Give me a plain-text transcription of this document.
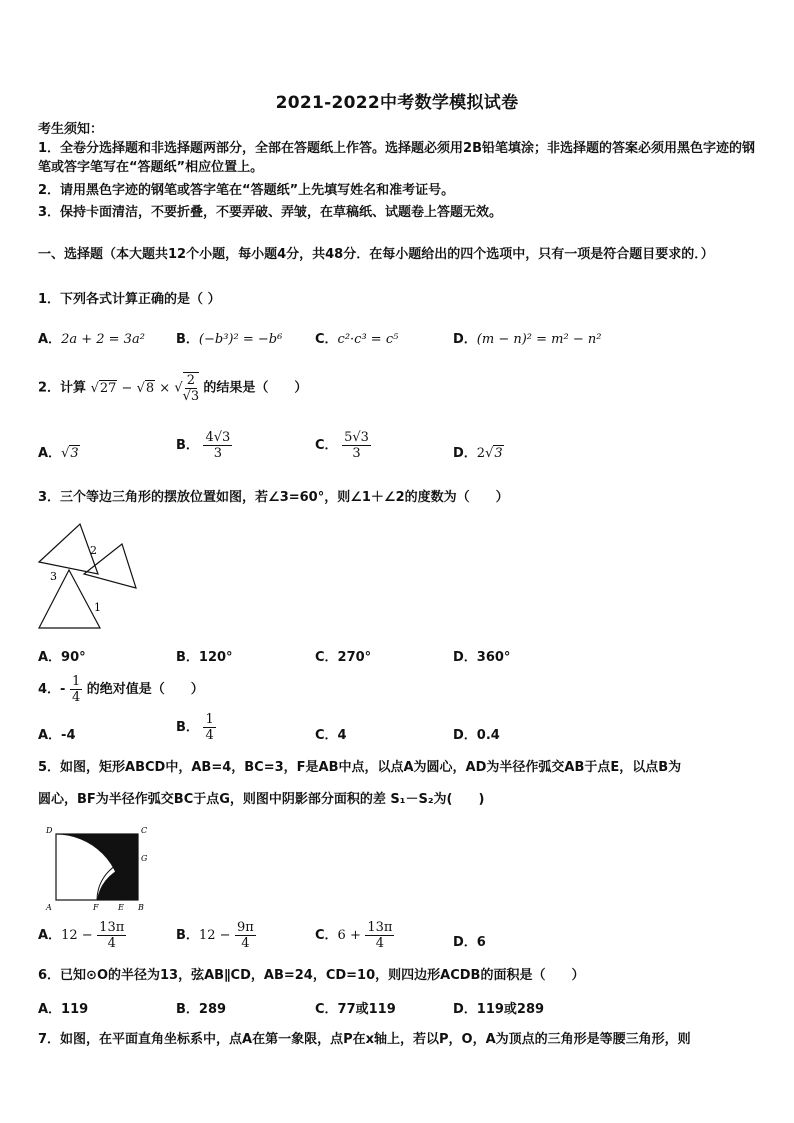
2021-2022中考数学模拟试卷
考生须知：
1．全卷分选择题和非选择题两部分，全部在答题纸上作答。选择题必须用2B铅笔填涂；非选择题的答案必须用黑色字迹的钢笔或答字笔写在“答题纸”相应位置上。
2．请用黑色字迹的钢笔或答字笔在“答题纸”上先填写姓名和准考证号。
3．保持卡面清洁，不要折叠，不要弄破、弄皱，在草稿纸、试题卷上答题无效。
一、选择题（本大题共12个小题，每小题4分，共48分．在每小题给出的四个选项中，只有一项是符合题目要求的．）
1．下列各式计算正确的是（ ）
A．2a + 2 = 3a² B．(−b³)² = −b⁶	C．c²·c³ = c⁵	D．(m − n)² = m² − n²
2．计算 √27 − √8 × √ $\frac{2}{√3}$ 的结果是（　　）
A．√3
B． $\frac{4√3}{3}$	C． $\frac{5√3}{3}$	D．2√3
3．三个等边三角形的摆放位置如图，若∠3=60°，则∠1＋∠2的度数为（　　）
2
3
1
A．90°	B．120°	C．270°	D．360°
4．- $\frac{1}{4}$ 的绝对值是（　　）
A．-4
B． $\frac{1}{4}$	C．4	D．0.4
5．如图，矩形ABCD中，AB=4，BC=3，F是AB中点，以点A为圆心，AD为半径作弧交AB于点E，以点B为
圆心，BF为半径作弧交BC于点G，则图中阴影部分面积的差 S₁－S₂为(　　)
D	C
G
A	F E B
A．$12 - \frac{13\pi}{4}$	B．$12 - \frac{9\pi}{4}$	C．$6 + \frac{13\pi}{4}$	D．6
6．已知⊙O的半径为13，弦AB∥CD，AB=24，CD=10，则四边形ACDB的面积是（　　）
A．119	B．289	C．77或119	D．119或289
7．如图，在平面直角坐标系中，点A在第一象限，点P在x轴上，若以P，O，A为顶点的三角形是等腰三角形，则
